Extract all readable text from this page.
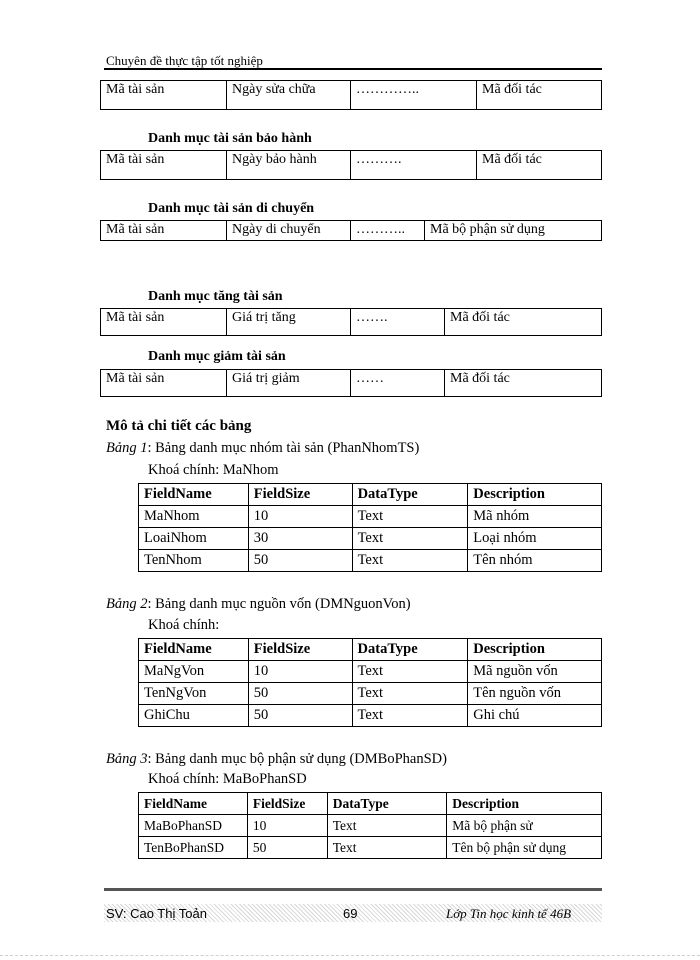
Chuyên đề thực tập tốt nghiệp
Mã tài sản	Ngày sửa chữa	…………..	Mã đối tác
Danh mục tài sản bảo hành
Mã tài sản	Ngày bảo hành	……….	Mã đối tác
Danh mục tài sản di chuyển
Mã tài sản	Ngày di chuyển	………..	Mã bộ phận sử dụng
Danh mục tăng tài sản
Mã tài sản	Giá trị tăng	…….	Mã đối tác
Danh mục giảm tài sản
Mã tài sản	Giá trị giảm	……	Mã đối tác
Mô tả chi tiết các bảng
Bảng 1: Bảng danh mục nhóm tài sản (PhanNhomTS)
Khoá chính: MaNhom
FieldName	FieldSize	DataType	Description
MaNhom	10	Text	Mã nhóm
LoaiNhom	30	Text	Loại nhóm
TenNhom	50	Text	Tên nhóm
Bảng 2: Bảng danh mục nguồn vốn (DMNguonVon)
Khoá chính:
FieldName	FieldSize	DataType	Description
MaNgVon	10	Text	Mã nguồn vốn
TenNgVon	50	Text	Tên nguồn vốn
GhiChu	50	Text	Ghi chú
Bảng 3: Bảng danh mục bộ phận sử dụng (DMBoPhanSD)
Khoá chính: MaBoPhanSD
FieldName	FieldSize	DataType	Description
MaBoPhanSD	10	Text	Mã bộ phận sử
TenBoPhanSD	50	Text	Tên bộ phận sử dụng
SV: Cao Thị Toản	69	Lớp Tin học kinh tế 46B
